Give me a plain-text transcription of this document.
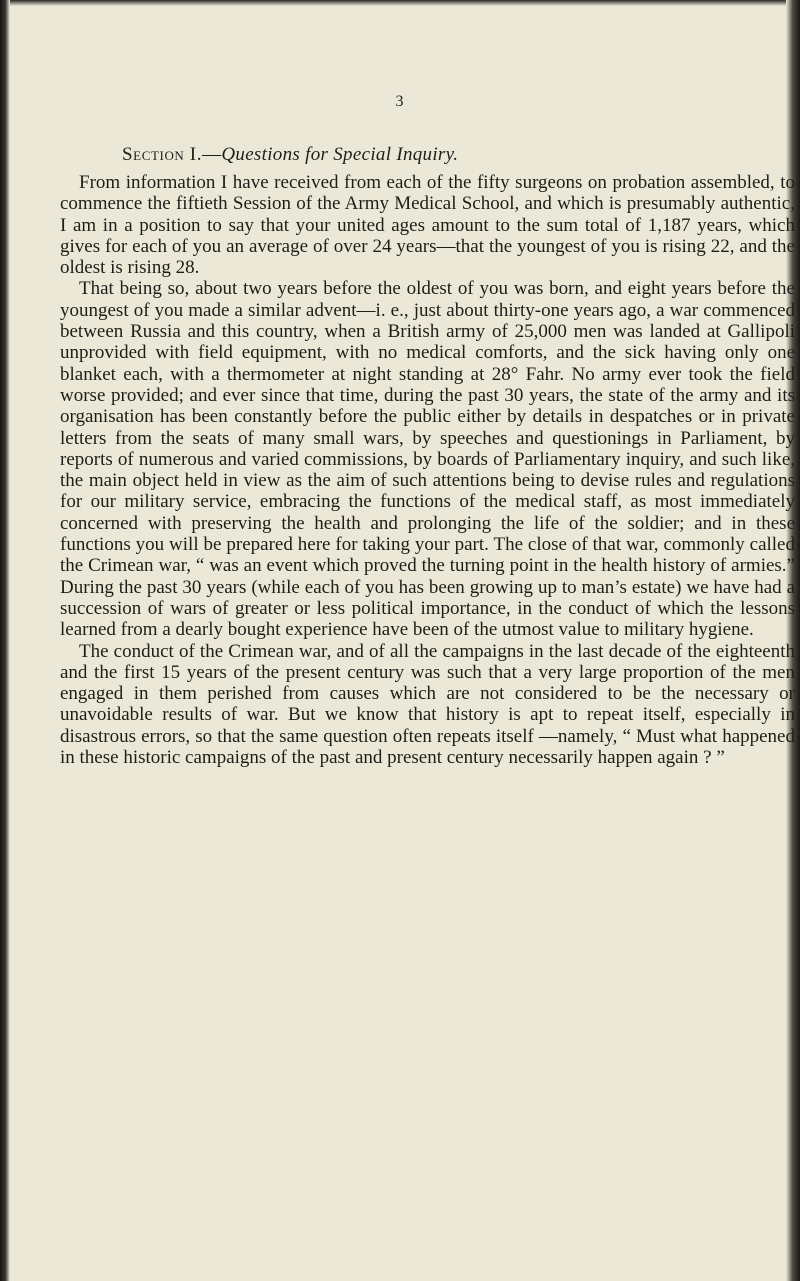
3
Section I.—Questions for Special Inquiry.

From information I have received from each of the fifty surgeons on probation assembled, to commence the fiftieth Session of the Army Medical School, and which is presumably authentic, I am in a position to say that your united ages amount to the sum total of 1,187 years, which gives for each of you an average of over 24 years—that the youngest of you is rising 22, and the oldest is rising 28.

That being so, about two years before the oldest of you was born, and eight years before the youngest of you made a similar advent—i. e., just about thirty-one years ago, a war commenced between Russia and this country, when a British army of 25,000 men was landed at Gallipoli unprovided with field equipment, with no medical comforts, and the sick having only one blanket each, with a thermometer at night standing at 28° Fahr. No army ever took the field worse provided; and ever since that time, during the past 30 years, the state of the army and its organisation has been constantly before the public either by details in despatches or in private letters from the seats of many small wars, by speeches and questionings in Parliament, by reports of numerous and varied commissions, by boards of Parliamentary inquiry, and such like, the main object held in view as the aim of such attentions being to devise rules and regulations for our military service, embracing the functions of the medical staff, as most immediately concerned with preserving the health and prolonging the life of the soldier; and in these functions you will be prepared here for taking your part. The close of that war, commonly called the Crimean war, “ was an event which proved the turning point in the health history of armies.” During the past 30 years (while each of you has been growing up to man’s estate) we have had a succession of wars of greater or less political importance, in the conduct of which the lessons learned from a dearly bought experience have been of the utmost value to military hygiene.

The conduct of the Crimean war, and of all the campaigns in the last decade of the eighteenth and the first 15 years of the present century was such that a very large proportion of the men engaged in them perished from causes which are not considered to be the necessary or unavoidable results of war. But we know that history is apt to repeat itself, especially in disastrous errors, so that the same question often repeats itself —namely, “ Must what happened in these historic campaigns of the past and present century necessarily happen again ? ”
